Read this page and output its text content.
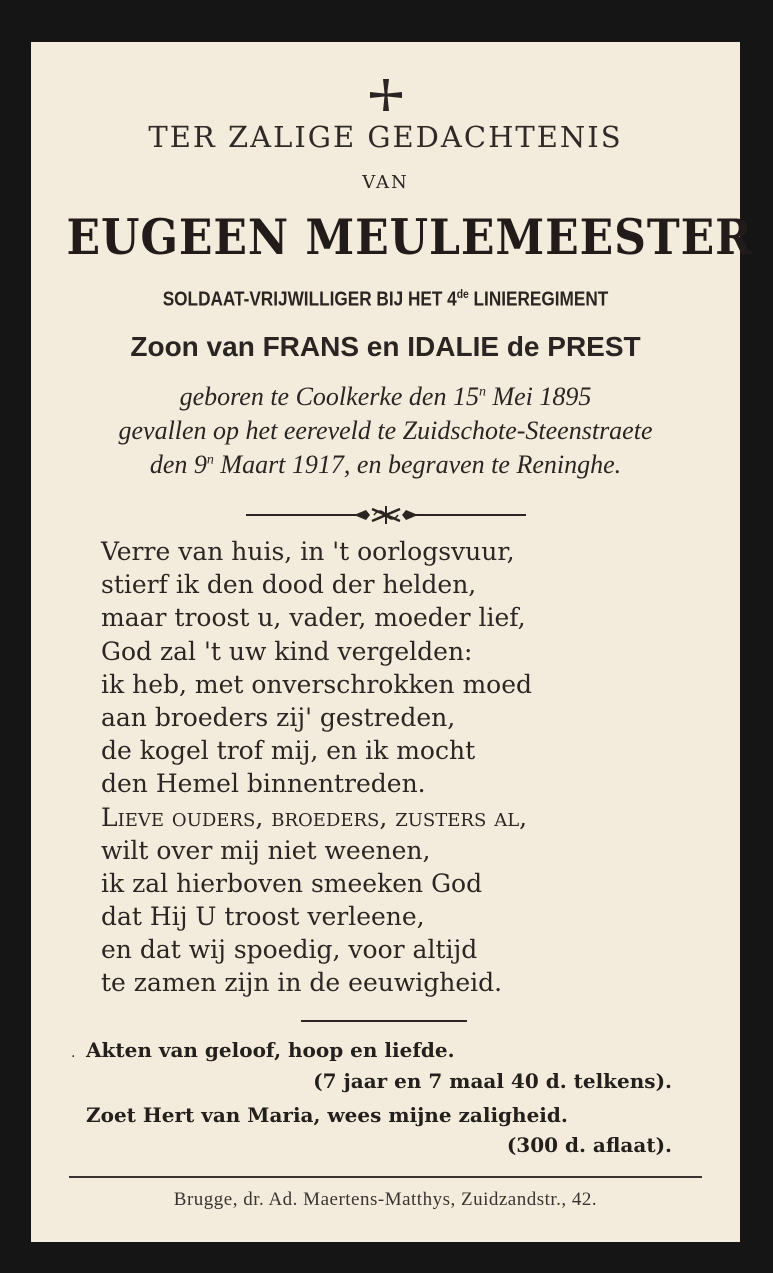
TER ZALIGE GEDACHTENIS
VAN
EUGEEN MEULEMEESTER
SOLDAAT-VRIJWILLIGER BIJ HET 4de LINIEREGIMENT
Zoon van FRANS en IDALIE de PREST
geboren te Coolkerke den 15$^n$ Mei 1895
gevallen op het eereveld te Zuidschote-Steenstraete
den 9$^n$ Maart 1917, en begraven te Reninghe.
Verre van huis, in 't oorlogsvuur,
stierf ik den dood der helden,
maar troost u, vader, moeder lief,
God zal 't uw kind vergelden:
ik heb, met onverschrokken moed
aan broeders zij' gestreden,
de kogel trof mij, en ik mocht
den Hemel binnentreden.
Lieve ouders, broeders, zusters al,
wilt over mij niet weenen,
ik zal hierboven smeeken God
dat Hij U troost verleene,
en dat wij spoedig, voor altijd
te zamen zijn in de eeuwigheid.
. Akten van geloof, hoop en liefde.
(7 jaar en 7 maal 40 d. telkens).
Zoet Hert van Maria, wees mijne zaligheid.
(300 d. aflaat).
Brugge, dr. Ad. Maertens-Matthys, Zuidzandstr., 42.
